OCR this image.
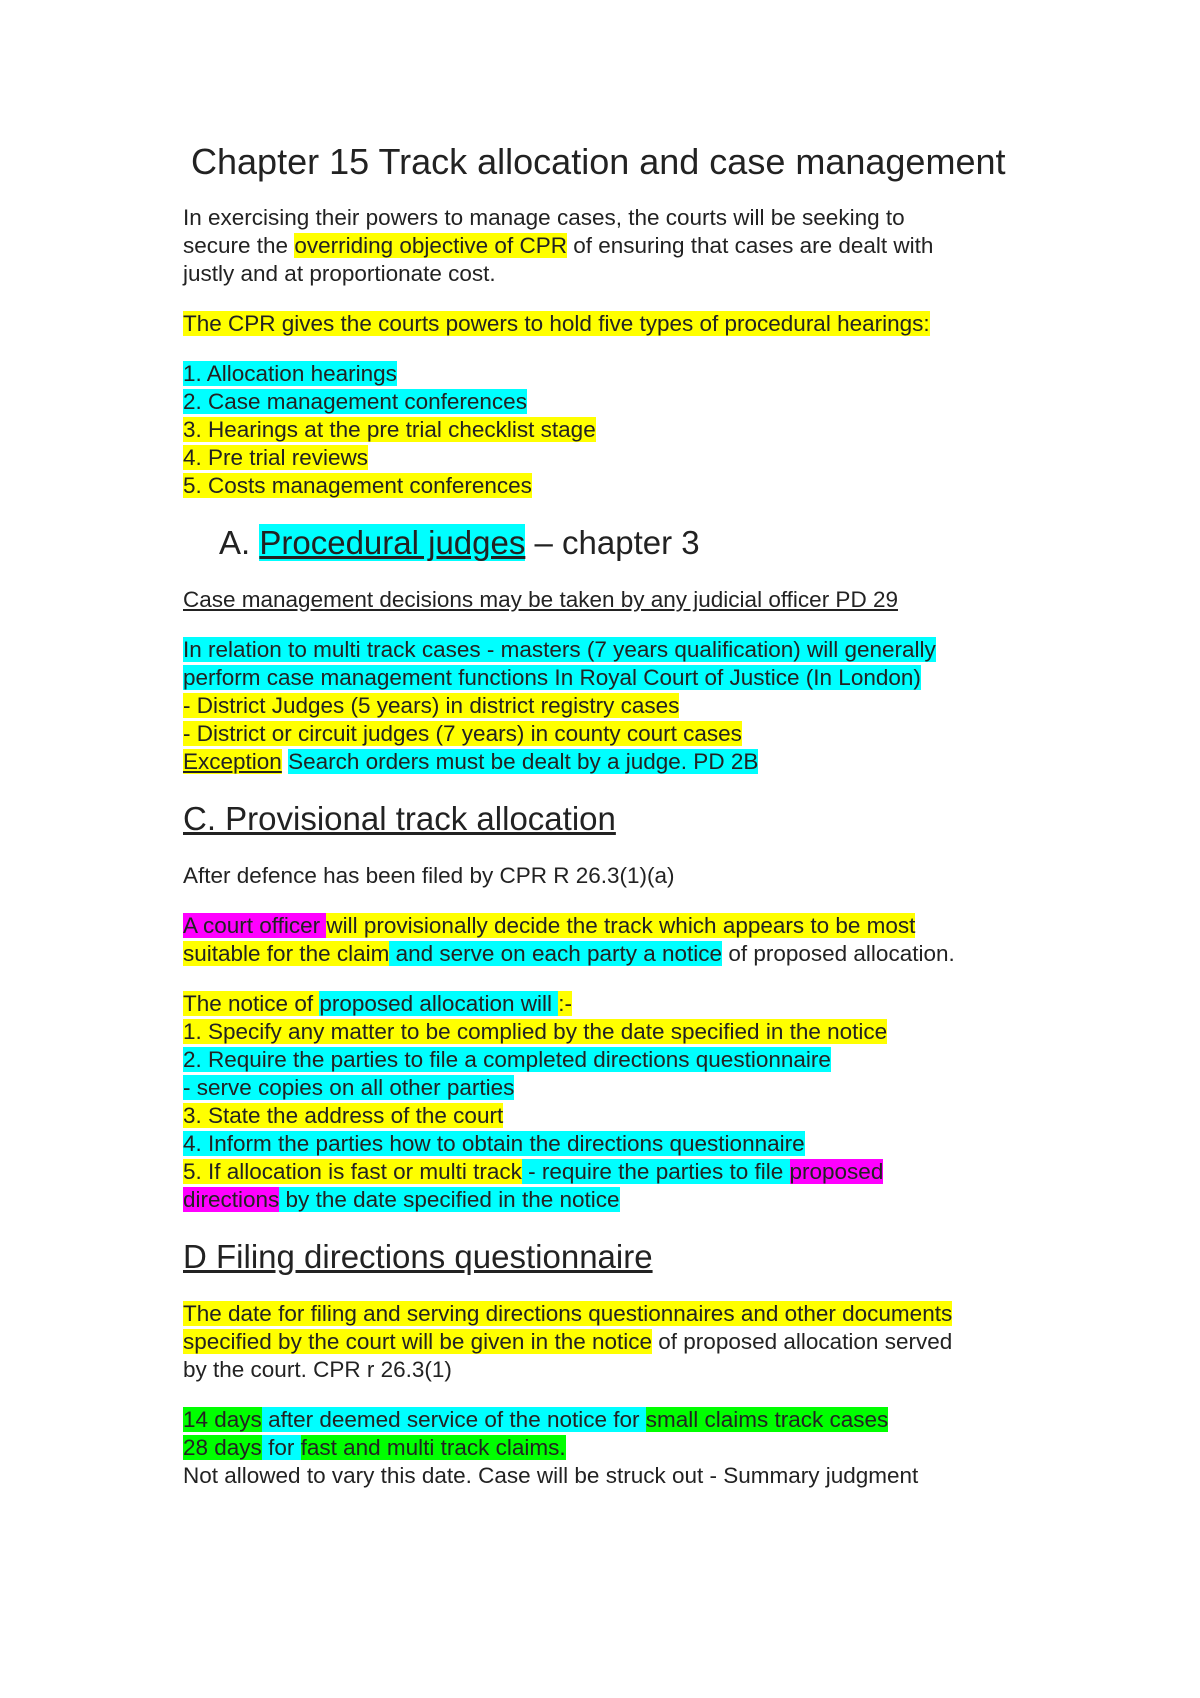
Chapter 15 Track allocation and case management

In exercising their powers to manage cases, the courts will be seeking to
secure the overriding objective of CPR of ensuring that cases are dealt with
justly and at proportionate cost.

The CPR gives the courts powers to hold five types of procedural hearings:

1. Allocation hearings
2. Case management conferences
3. Hearings at the pre trial checklist stage
4. Pre trial reviews
5. Costs management conferences
A. Procedural judges – chapter 3

Case management decisions may be taken by any judicial officer PD 29

In relation to multi track cases - masters (7 years qualification) will generally
perform case management functions In Royal Court of Justice (In London)
- District Judges (5 years) in district registry cases
- District or circuit judges (7 years) in county court cases
Exception Search orders must be dealt by a judge. PD 2B
C. Provisional track allocation

After defence has been filed by CPR R 26.3(1)(a)

A court officer will provisionally decide the track which appears to be most
suitable for the claim and serve on each party a notice of proposed allocation.

The notice of proposed allocation will :-
1. Specify any matter to be complied by the date specified in the notice
2. Require the parties to file a completed directions questionnaire
- serve copies on all other parties
3. State the address of the court
4. Inform the parties how to obtain the directions questionnaire
5. If allocation is fast or multi track - require the parties to file proposed
directions by the date specified in the notice
D Filing directions questionnaire

The date for filing and serving directions questionnaires and other documents
specified by the court will be given in the notice of proposed allocation served
by the court. CPR r 26.3(1)

14 days after deemed service of the notice for small claims track cases
28 days for fast and multi track claims.
Not allowed to vary this date. Case will be struck out - Summary judgment
